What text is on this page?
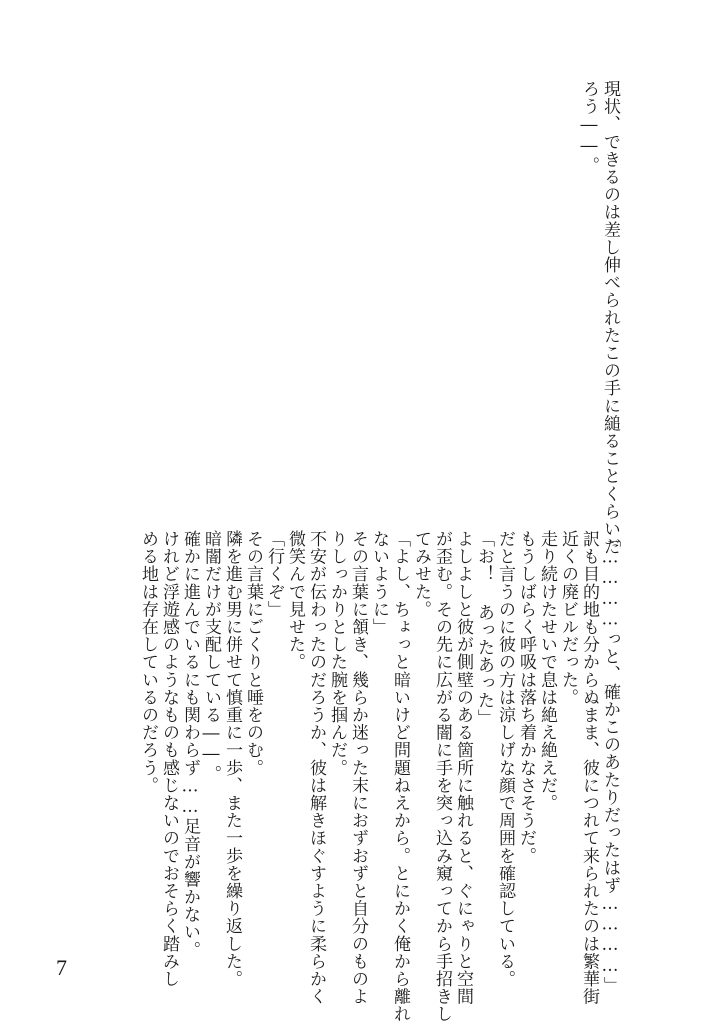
現状、できるのは差し伸べられたこの手に縋ることくらいだ

ろう――。

「…………っと、確かこのあたりだったはず…………」

訳も目的地も分からぬまま、彼につれて来られたのは繁華街

近くの廃ビルだった。

走り続けたせいで息は絶え絶えだ。

もうしばらく呼吸は落ち着かなさそうだ。

だと言うのに彼の方は涼しげな顔で周囲を確認している。

「お！ あったあった」

よしよしと彼が側壁のある箇所に触れると、ぐにゃりと空間

が歪む。その先に広がる闇に手を突っ込み窺ってから手招きし

てみせた。

「よし、ちょっと暗いけど問題ねえから。とにかく俺から離れ

ないように」

その言葉に頷き、幾らか迷った末におずおずと自分のものよ

りしっかりとした腕を掴んだ。

不安が伝わったのだろうか、彼は解きほぐすように柔らかく

微笑んで見せた。

「行くぞ」

その言葉にごくりと唾をのむ。

隣を進む男に併せて慎重に一歩、また一歩を繰り返した。

暗闇だけが支配している――。

確かに進んでいるにも関わらず……足音が響かない。

けれど浮遊感のようなものも感じないのでおそらく踏みし

める地は存在しているのだろう。

7
